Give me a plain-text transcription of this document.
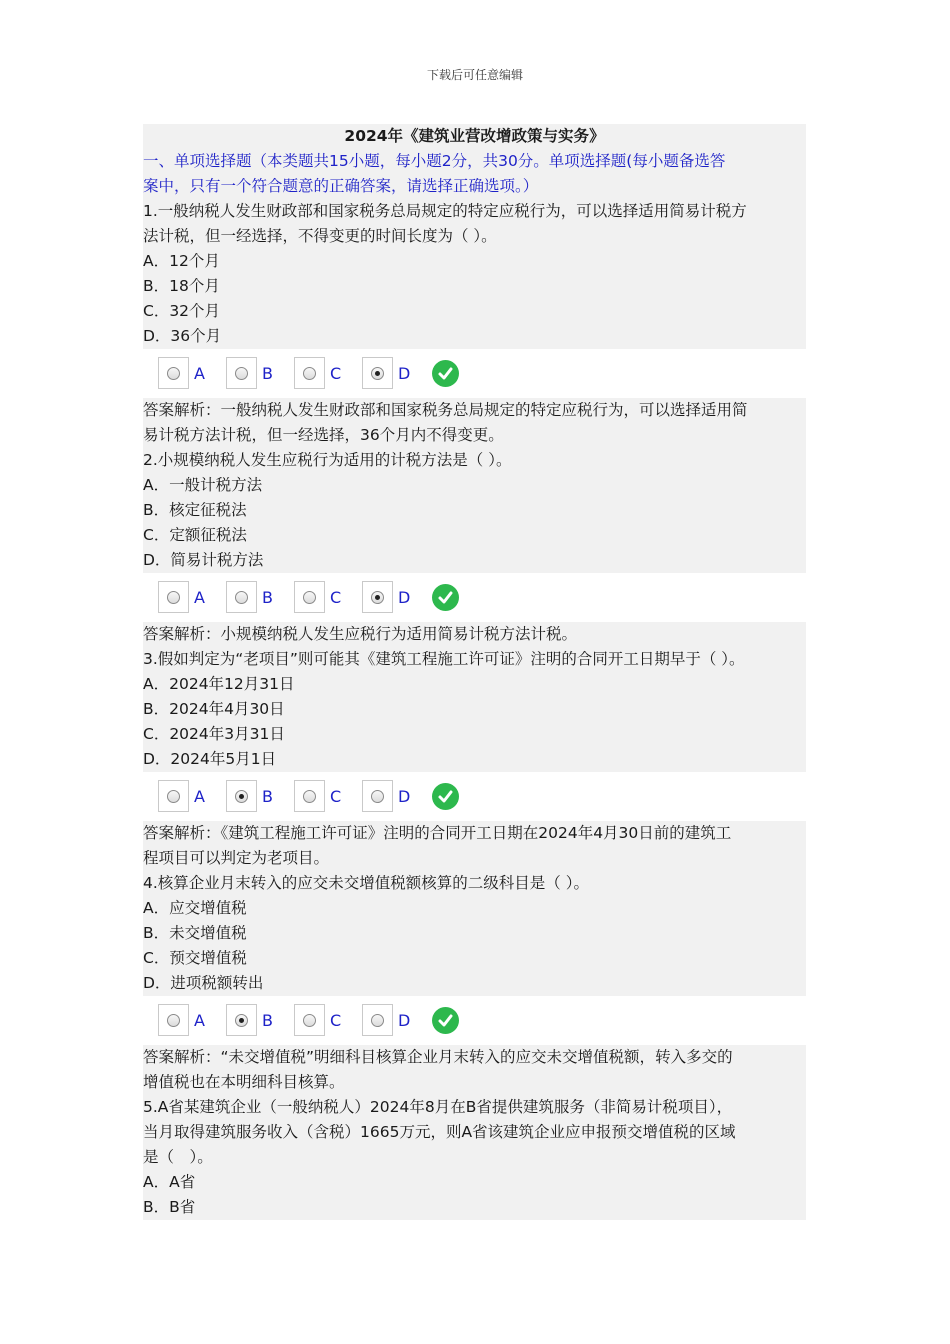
下载后可任意编辑
2024年《建筑业营改增政策与实务》
一、单项选择题（本类题共15小题，每小题2分，共30分。单项选择题(每小题备选答
案中，只有一个符合题意的正确答案，请选择正确选项。）
1.一般纳税人发生财政部和国家税务总局规定的特定应税行为，可以选择适用简易计税方
法计税，但一经选择，不得变更的时间长度为（ ）。
A．12个月
B．18个月
C．32个月
D．36个月
A	B	C	D
答案解析：一般纳税人发生财政部和国家税务总局规定的特定应税行为，可以选择适用简
易计税方法计税，但一经选择，36个月内不得变更。
2.小规模纳税人发生应税行为适用的计税方法是（ ）。
A．一般计税方法
B．核定征税法
C．定额征税法
D．简易计税方法
A	B	C	D
答案解析：小规模纳税人发生应税行为适用简易计税方法计税。
3.假如判定为“老项目”则可能其《建筑工程施工许可证》注明的合同开工日期早于（ ）。
A．2024年12月31日
B．2024年4月30日
C．2024年3月31日
D．2024年5月1日
A	B	C	D
答案解析：《建筑工程施工许可证》注明的合同开工日期在2024年4月30日前的建筑工
程项目可以判定为老项目。
4.核算企业月末转入的应交未交增值税额核算的二级科目是（ ）。
A．应交增值税
B．未交增值税
C．预交增值税
D．进项税额转出
A	B	C	D
答案解析：“未交增值税”明细科目核算企业月末转入的应交未交增值税额，转入多交的
增值税也在本明细科目核算。
5.A省某建筑企业（一般纳税人）2024年8月在B省提供建筑服务（非简易计税项目），
当月取得建筑服务收入（含税）1665万元，则A省该建筑企业应申报预交增值税的区域
是（　）。
A．A省
B．B省
